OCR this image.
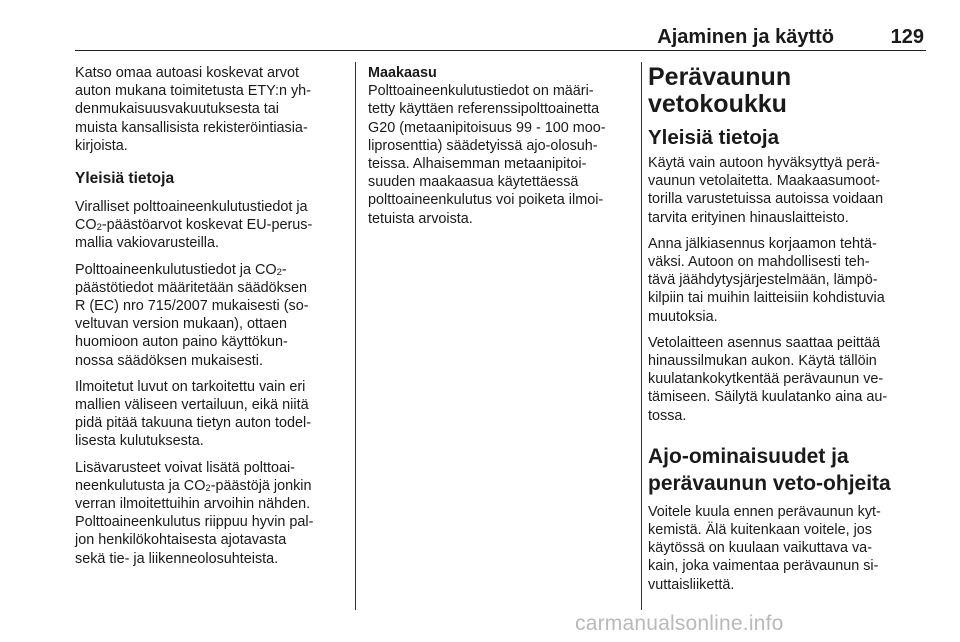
Ajaminen ja käyttö	129

Katso omaa autoasi koskevat arvot
auton mukana toimitetusta ETY:n yh-
denmukaisuusvakuutuksesta tai
muista kansallisista rekisteröintiasia-
kirjoista.

Yleisiä tietoja

Viralliset polttoaineenkulutustiedot ja
$CO_2$-päästöarvot koskevat EU-perus-
mallia vakiovarusteilla.

Polttoaineenkulutustiedot ja $CO_2-$
päästötiedot määritetään säädöksen
R (EC) nro 715/2007 mukaisesti (so-
veltuvan version mukaan), ottaen
huomioon auton paino käyttökun-
nossa säädöksen mukaisesti.

Ilmoitetut luvut on tarkoitettu vain eri
mallien väliseen vertailuun, eikä niitä
pidä pitää takuuna tietyn auton todel-
lisesta kulutuksesta.

Lisävarusteet voivat lisätä polttoai-
neenkulutusta ja $CO_2$-päästöjä jonkin
verran ilmoitettuihin arvoihin nähden.
Polttoaineenkulutus riippuu hyvin pal-
jon henkilökohtaisesta ajotavasta
sekä tie- ja liikenneolosuhteista.

Maakaasu

Polttoaineenkulutustiedot on määri-
tetty käyttäen referenssipolttoainetta
G20 (metaanipitoisuus 99 - 100 moo-
liprosenttia) säädetyissä ajo-olosuh-
teissa. Alhaisemman metaanipitoi-
suuden maakaasua käytettäessä
polttoaineenkulutus voi poiketa ilmoi-
tetuista arvoista.

Perävaunun
vetokoukku
Yleisiä tietoja

Käytä vain autoon hyväksyttyä perä-
vaunun vetolaitetta. Maakaasumoot-
torilla varustetuissa autoissa voidaan
tarvita erityinen hinauslaitteisto.

Anna jälkiasennus korjaamon tehtä-
väksi. Autoon on mahdollisesti teh-
tävä jäähdytysjärjestelmään, lämpö-
kilpiin tai muihin laitteisiin kohdistuvia
muutoksia.

Vetolaitteen asennus saattaa peittää
hinaussilmukan aukon. Käytä tällöin
kuulatankokytkentää perävaunun ve-
tämiseen. Säilytä kuulatanko aina au-
tossa.

Ajo-ominaisuudet ja
perävaunun veto-ohjeita

Voitele kuula ennen perävaunun kyt-
kemistä. Älä kuitenkaan voitele, jos
käytössä on kuulaan vaikuttava va-
kain, joka vaimentaa perävaunun si-
vuttaisliikettä.

carmanualsonline.info
